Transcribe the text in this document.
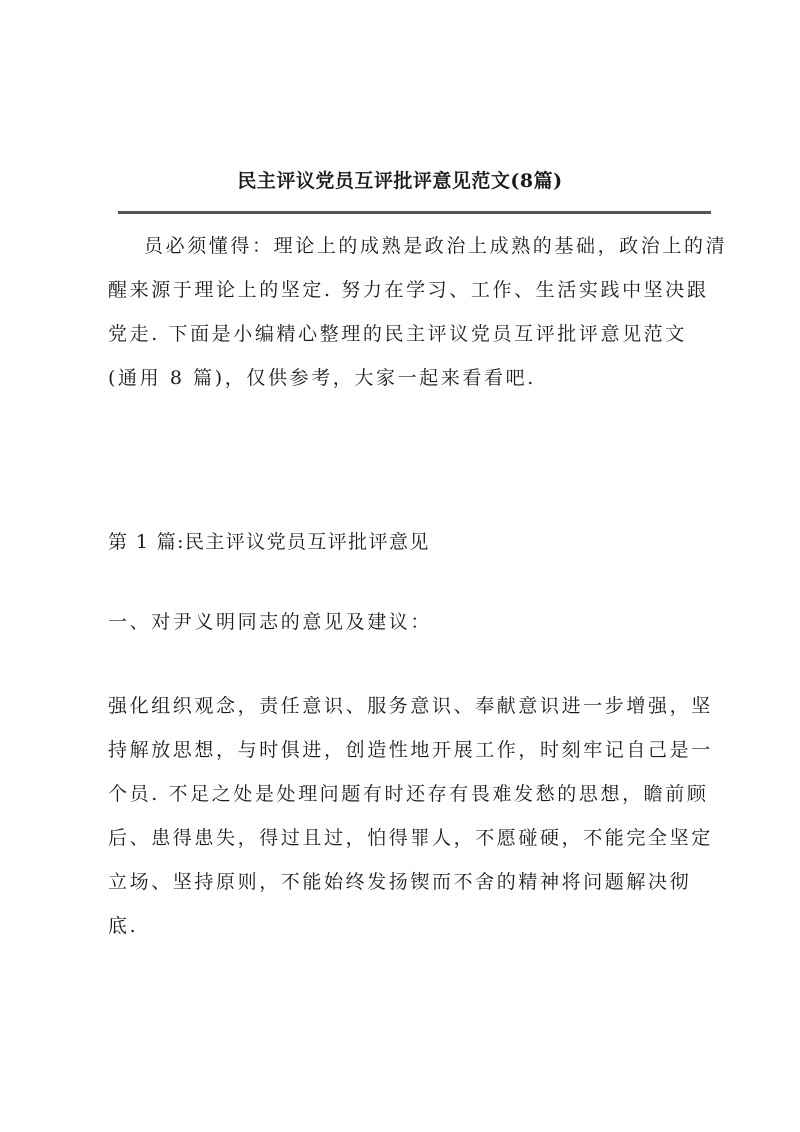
民主评议党员互评批评意见范文(8篇)

员必须懂得：理论上的成熟是政治上成熟的基础，政治上的清
醒来源于理论上的坚定. 努力在学习、工作、生活实践中坚决跟
党走. 下面是小编精心整理的民主评议党员互评批评意见范文
(通用 8 篇)，仅供参考，大家一起来看看吧.

第 1 篇:民主评议党员互评批评意见

一、对尹义明同志的意见及建议：

强化组织观念，责任意识、服务意识、奉献意识进一步增强，坚
持解放思想，与时俱进，创造性地开展工作，时刻牢记自己是一
个员. 不足之处是处理问题有时还存有畏难发愁的思想，瞻前顾
后、患得患失，得过且过，怕得罪人，不愿碰硬，不能完全坚定
立场、坚持原则，不能始终发扬锲而不舍的精神将问题解决彻
底.
